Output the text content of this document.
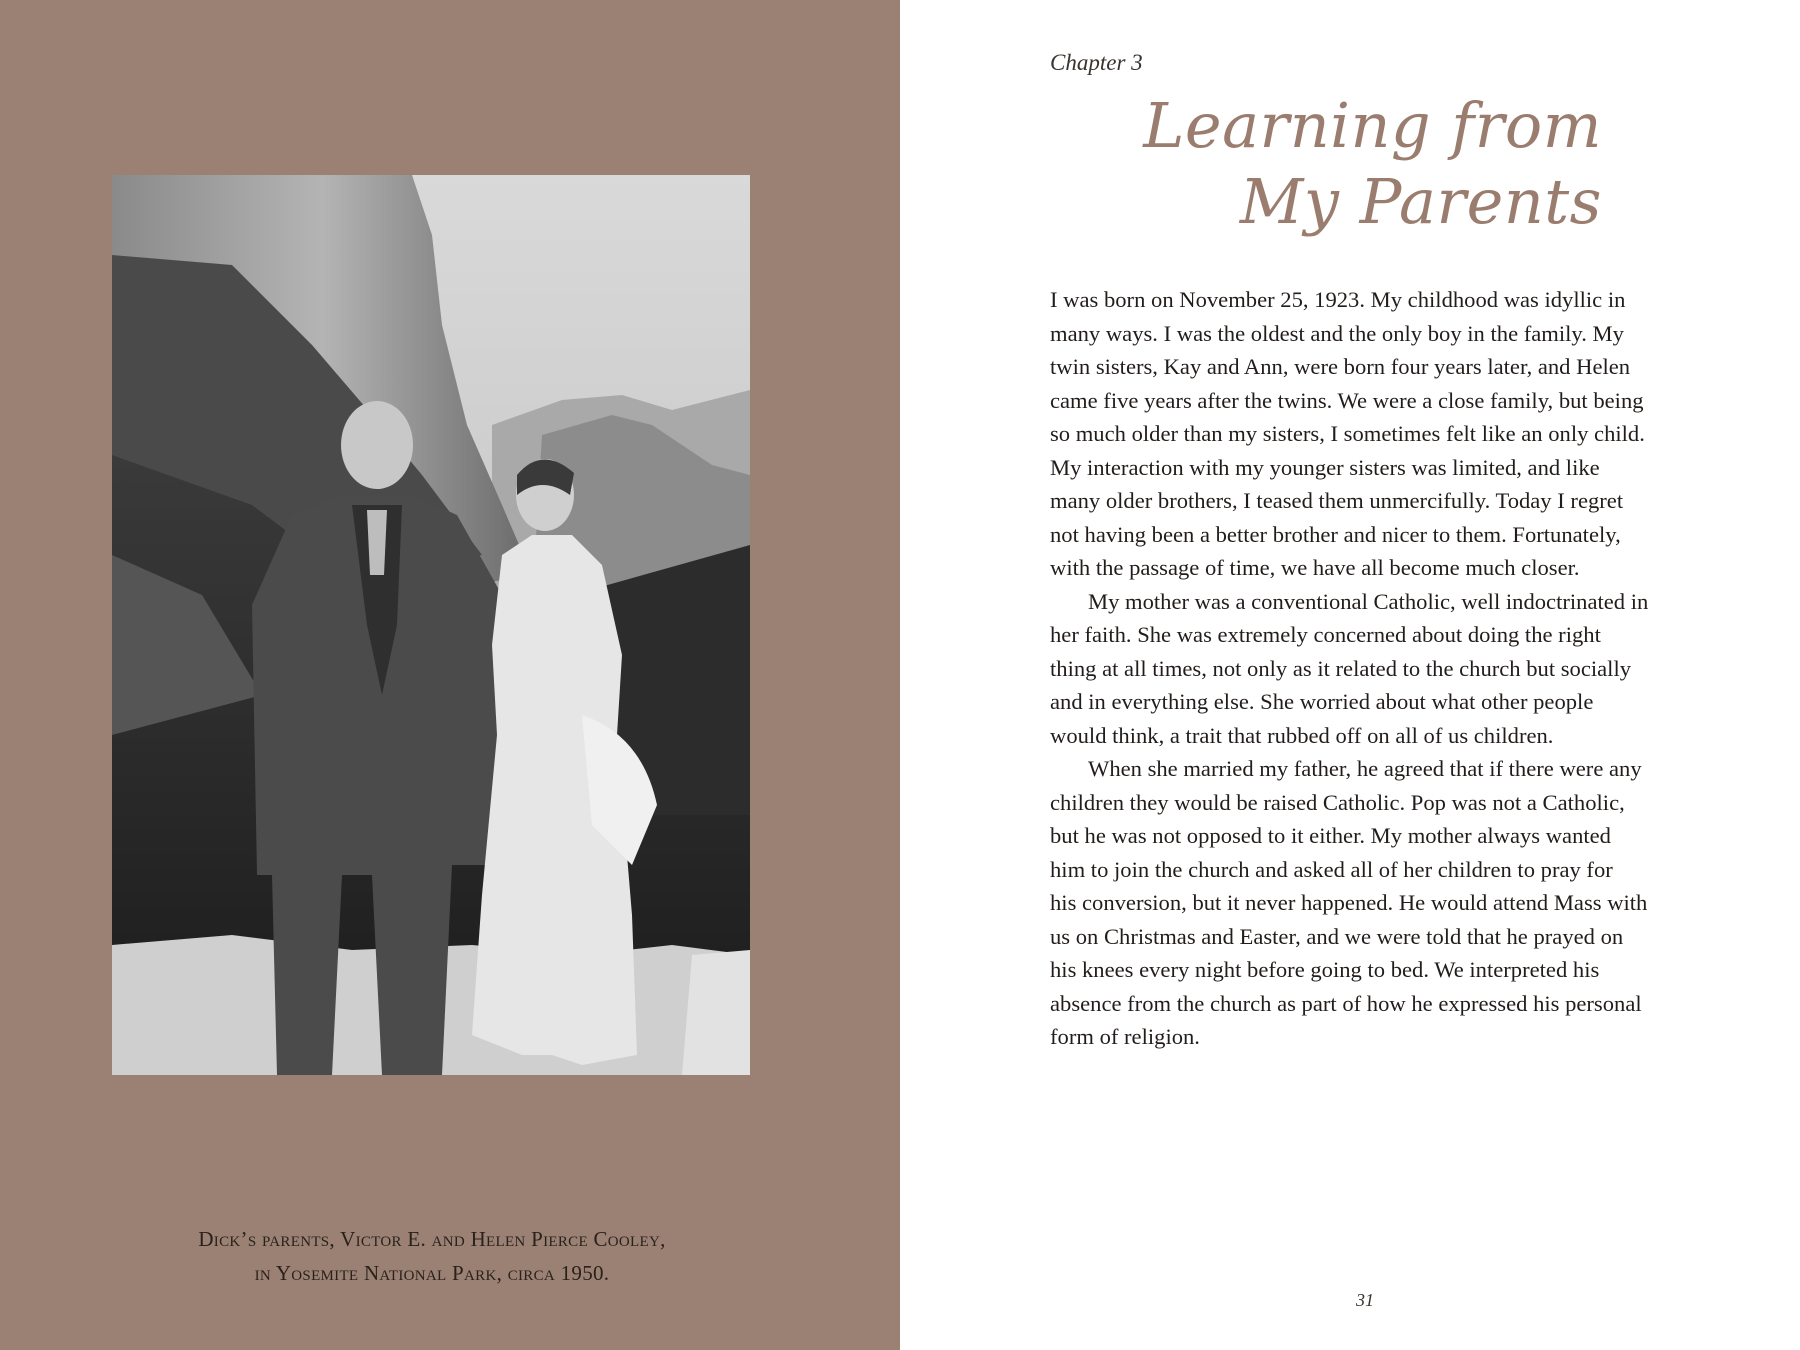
Dick’s parents, Victor E. and Helen Pierce Cooley,
in Yosemite National Park, circa 1950.
Chapter 3
Learning from
My Parents

I was born on November 25, 1923. My childhood was idyllic in
many ways. I was the oldest and the only boy in the family. My
twin sisters, Kay and Ann, were born four years later, and Helen
came five years after the twins. We were a close family, but being
so much older than my sisters, I sometimes felt like an only child.
My interaction with my younger sisters was limited, and like
many older brothers, I teased them unmercifully. Today I regret
not having been a better brother and nicer to them. Fortunately,
with the passage of time, we have all become much closer.

My mother was a conventional Catholic, well indoctrinated in
her faith. She was extremely concerned about doing the right
thing at all times, not only as it related to the church but socially
and in everything else. She worried about what other people
would think, a trait that rubbed off on all of us children.

When she married my father, he agreed that if there were any
children they would be raised Catholic. Pop was not a Catholic,
but he was not opposed to it either. My mother always wanted
him to join the church and asked all of her children to pray for
his conversion, but it never happened. He would attend Mass with
us on Christmas and Easter, and we were told that he prayed on
his knees every night before going to bed. We interpreted his
absence from the church as part of how he expressed his personal
form of religion.

31
